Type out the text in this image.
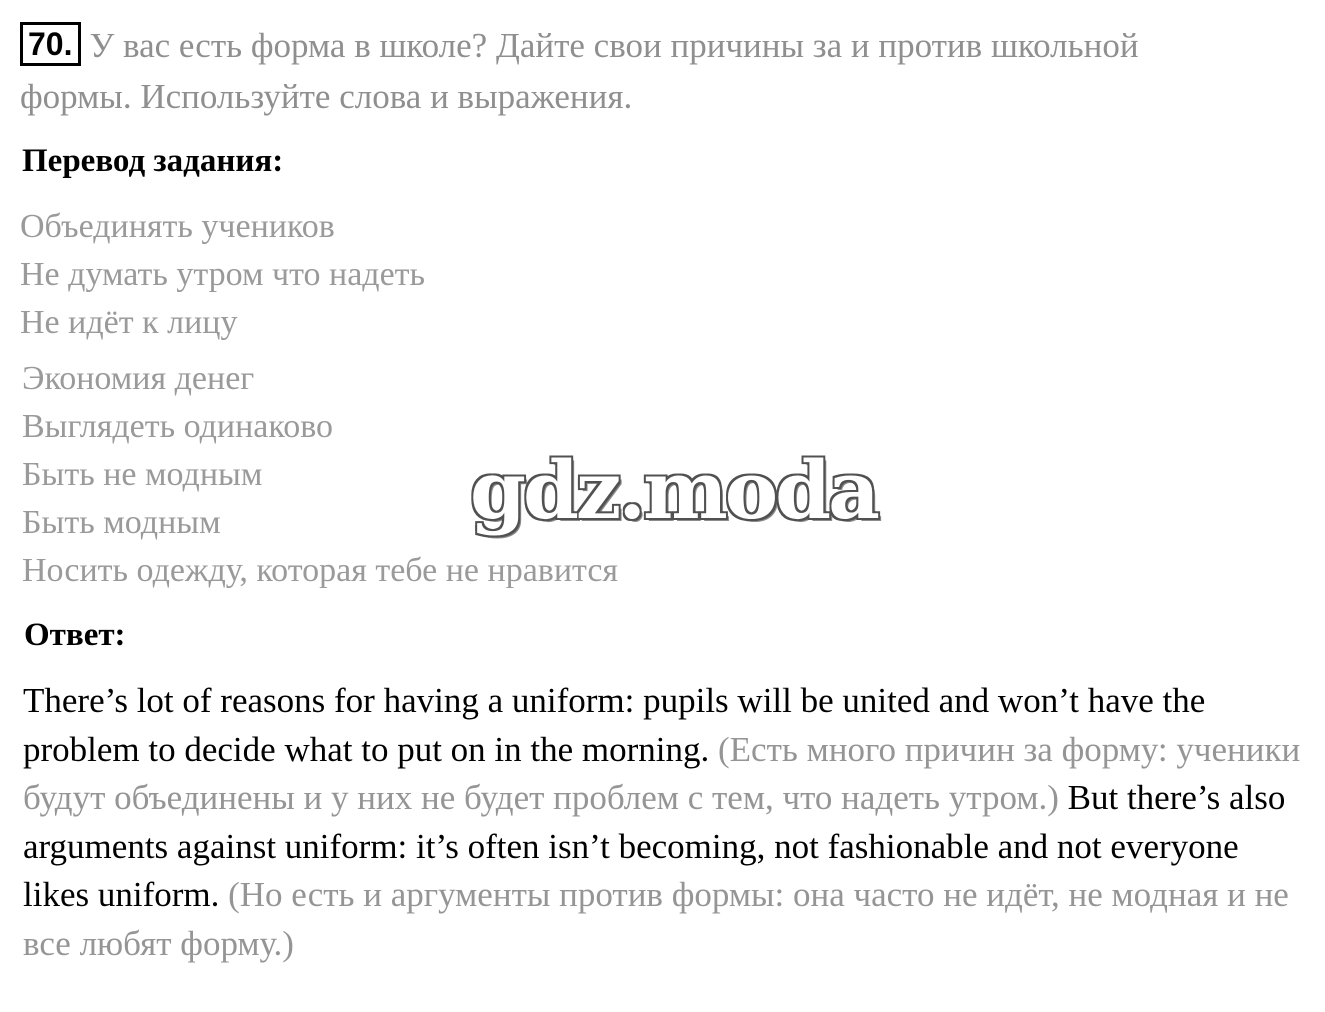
70. У вас есть форма в школе? Дайте свои причины за и против школьной
формы. Используйте слова и выражения.
Перевод задания:
Объединять учеников
Не думать утром что надеть
Не идёт к лицу
Экономия денег
Выглядеть одинаково
Быть не модным
Быть модным
Носить одежду, которая тебе не нравится
gdz.moda
Ответ:

There’s lot of reasons for having a uniform: pupils will be united and won’t have the problem to decide what to put on in the morning. (Есть много причин за форму: ученики будут объединены и у них не будет проблем с тем, что надеть утром.) But there’s also arguments against uniform: it’s often isn’t becoming, not fashionable and not everyone likes uniform. (Но есть и аргументы против формы: она часто не идёт, не модная и не все любят форму.)
